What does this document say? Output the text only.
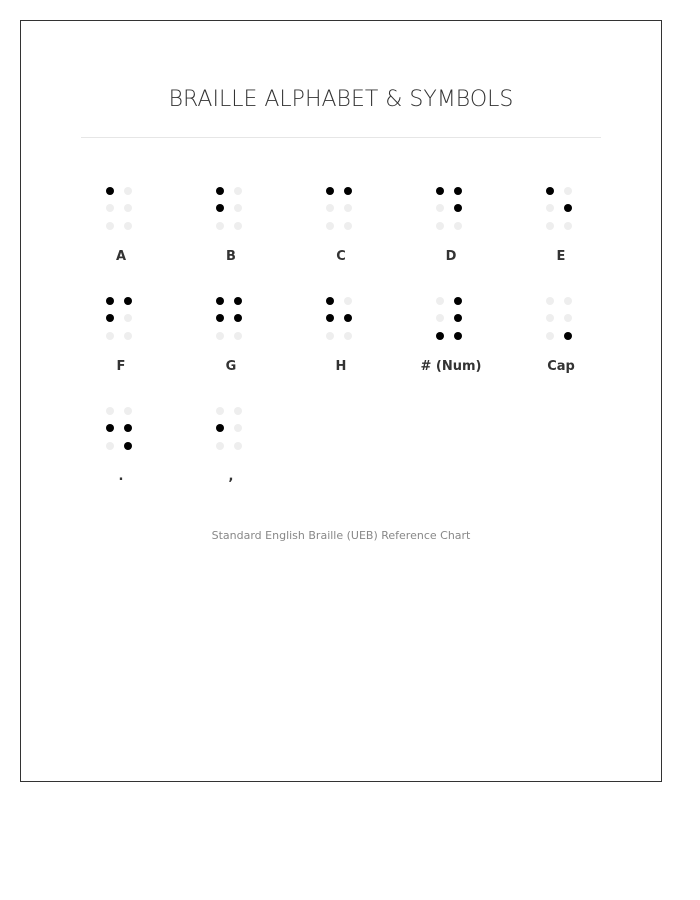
BRAILLE ALPHABET & SYMBOLS
A	B	C	D	E
F	G	H	# (Num)	Cap
.	,
Standard English Braille (UEB) Reference Chart
